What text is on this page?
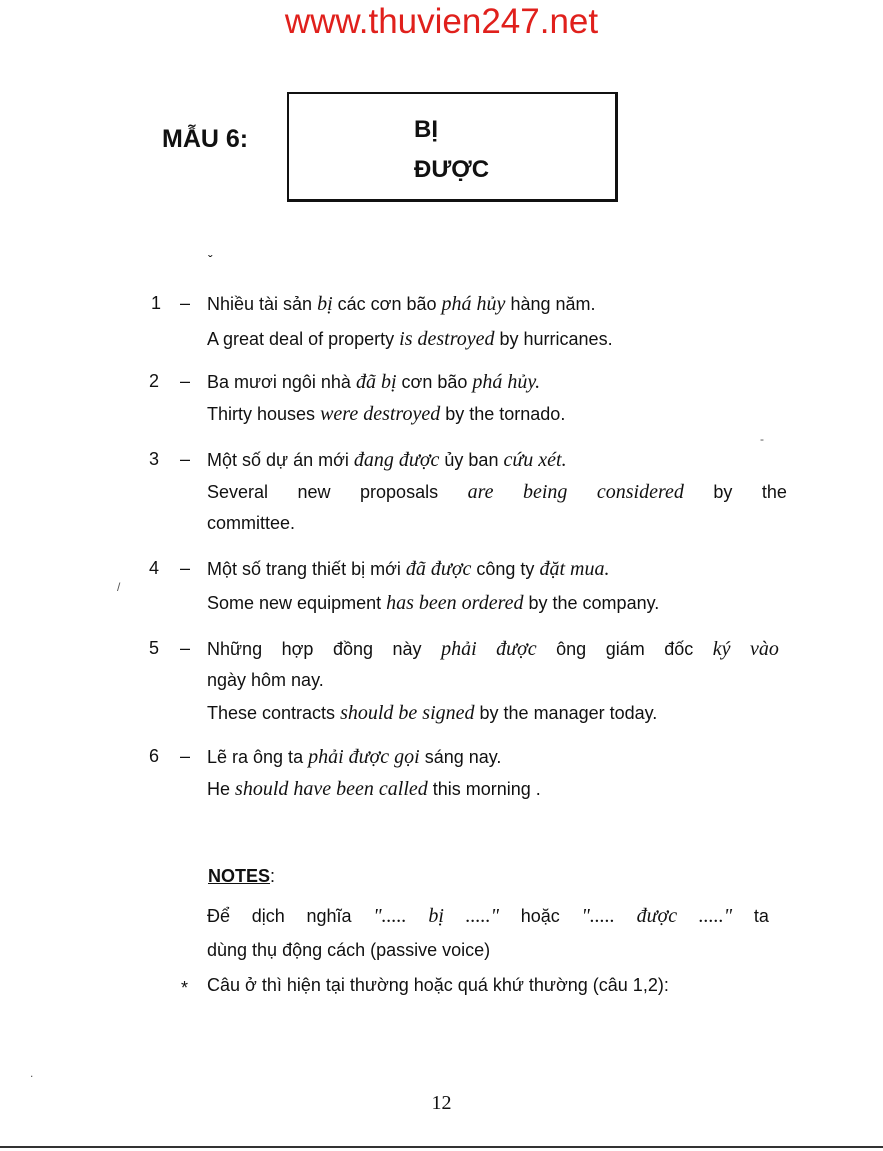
www.thuvien247.net
MẪU 6:	BỊ
ĐƯỢC
ˇ
1 – Nhiều tài sản bị các cơn bão phá hủy hàng năm.
A great deal of property is destroyed by hurricanes.
2 – Ba mươi ngôi nhà đã bị cơn bão phá hủy.
Thirty houses were destroyed by the tornado.
3 – Một số dự án mới đang được ủy ban cứu xét.
Several new proposals are being considered by the
committee.
-
4 – Một số trang thiết bị mới đã được công ty đặt mua.
Some new equipment has been ordered by the company.
/
5 – Những hợp đồng này phải được ông giám đốc ký vào
ngày hôm nay.
These contracts should be signed by the manager today.
6 – Lẽ ra ông ta phải được gọi sáng nay.
He should have been called this morning .
NOTES:
Để dịch nghĩa "..... bị ....." hoặc "..... được ....." ta
dùng thụ động cách (passive voice)
* Câu ở thì hiện tại thường hoặc quá khứ thường (câu 1,2):
.
12
